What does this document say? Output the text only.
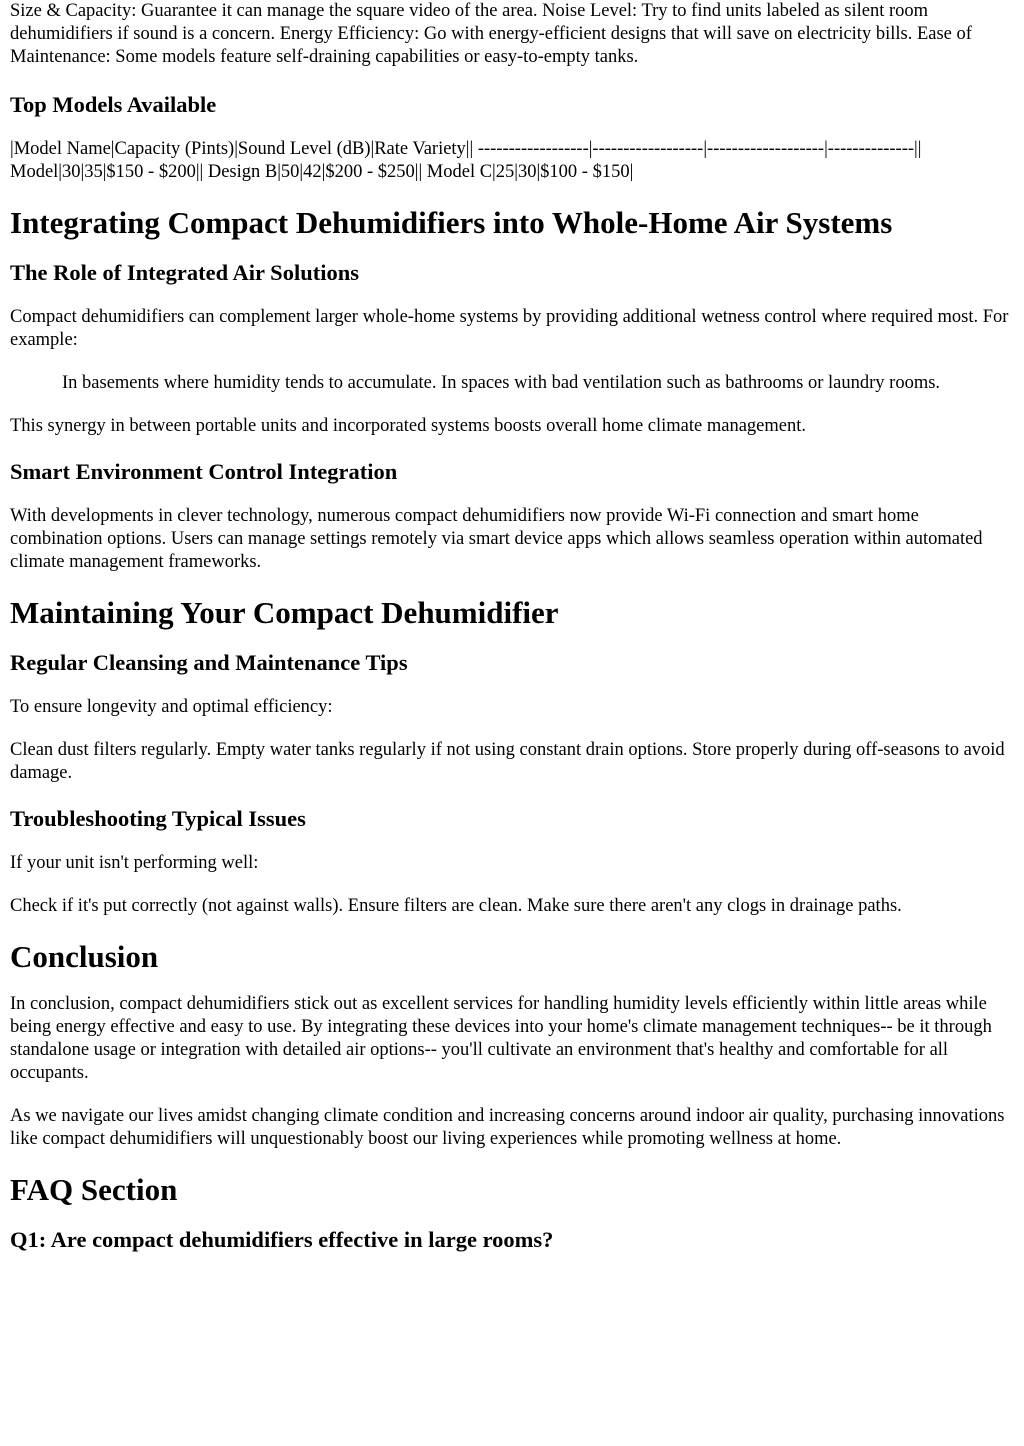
Size & Capacity: Guarantee it can manage the square video of the area. Noise Level: Try to find units labeled as silent room dehumidifiers if sound is a concern. Energy Efficiency: Go with energy-efficient designs that will save on electricity bills. Ease of Maintenance: Some models feature self-draining capabilities or easy-to-empty tanks.

Top Models Available

|Model Name|Capacity (Pints)|Sound Level (dB)|Rate Variety|| ------------------|------------------|-------------------|--------------|| Model|30|35|$150 - $200|| Design B|50|42|$200 - $250|| Model C|25|30|$100 - $150|

Integrating Compact Dehumidifiers into Whole-Home Air Systems
The Role of Integrated Air Solutions

Compact dehumidifiers can complement larger whole-home systems by providing additional wetness control where required most. For example:

In basements where humidity tends to accumulate. In spaces with bad ventilation such as bathrooms or laundry rooms.

This synergy in between portable units and incorporated systems boosts overall home climate management.

Smart Environment Control Integration

With developments in clever technology, numerous compact dehumidifiers now provide Wi-Fi connection and smart home combination options. Users can manage settings remotely via smart device apps which allows seamless operation within automated climate management frameworks.

Maintaining Your Compact Dehumidifier
Regular Cleansing and Maintenance Tips

To ensure longevity and optimal efficiency:

Clean dust filters regularly. Empty water tanks regularly if not using constant drain options. Store properly during off-seasons to avoid damage.

Troubleshooting Typical Issues

If your unit isn't performing well:

Check if it's put correctly (not against walls). Ensure filters are clean. Make sure there aren't any clogs in drainage paths.

Conclusion

In conclusion, compact dehumidifiers stick out as excellent services for handling humidity levels efficiently within little areas while being energy effective and easy to use. By integrating these devices into your home's climate management techniques-- be it through standalone usage or integration with detailed air options-- you'll cultivate an environment that's healthy and comfortable for all occupants.

As we navigate our lives amidst changing climate condition and increasing concerns around indoor air quality, purchasing innovations like compact dehumidifiers will unquestionably boost our living experiences while promoting wellness at home.

FAQ Section
Q1: Are compact dehumidifiers effective in large rooms?
